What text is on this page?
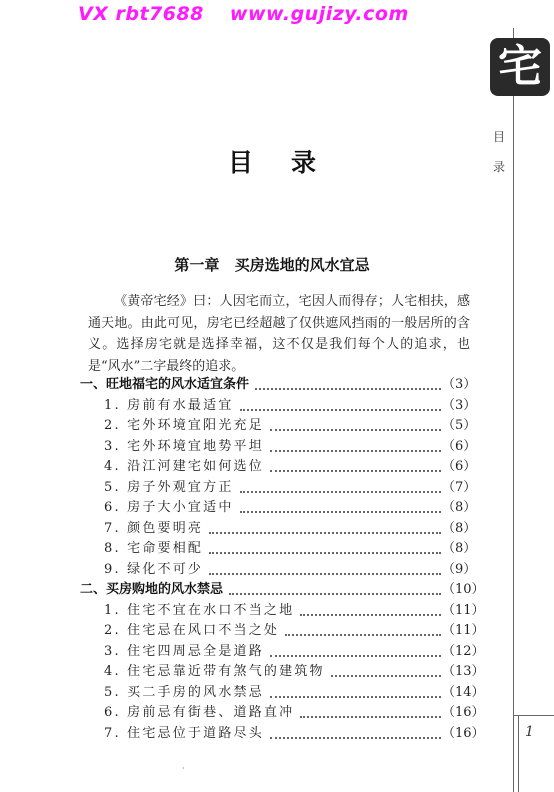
VX rbt7688 www.gujizy.com
宅
目
录
目录
第一章 买房选地的风水宜忌

《黄帝宅经》曰：人因宅而立，宅因人而得存；人宅相扶，感通天地。由此可见，房宅已经超越了仅供遮风挡雨的一般居所的含义。选择房宅就是选择幸福，这不仅是我们每个人的追求，也是“风水”二字最终的追求。

一、旺地福宅的风水适宜条件	（3）
1. 房前有水最适宜	（3）
2. 宅外环境宜阳光充足	（5）
3. 宅外环境宜地势平坦	（6）
4. 沿江河建宅如何选位	（6）
5. 房子外观宜方正	（7）
6. 房子大小宜适中	（8）
7. 颜色要明亮	（8）
8. 宅命要相配	（8）
9. 绿化不可少	（9）
二、买房购地的风水禁忌	（10）
1. 住宅不宜在水口不当之地	（11）
2. 住宅忌在风口不当之处	（11）
3. 住宅四周忌全是道路	（12）
4. 住宅忌靠近带有煞气的建筑物	（13）
5. 买二手房的风水禁忌	（14）
6. 房前忌有街巷、道路直冲	（16）
7. 住宅忌位于道路尽头	（16）	1
·
